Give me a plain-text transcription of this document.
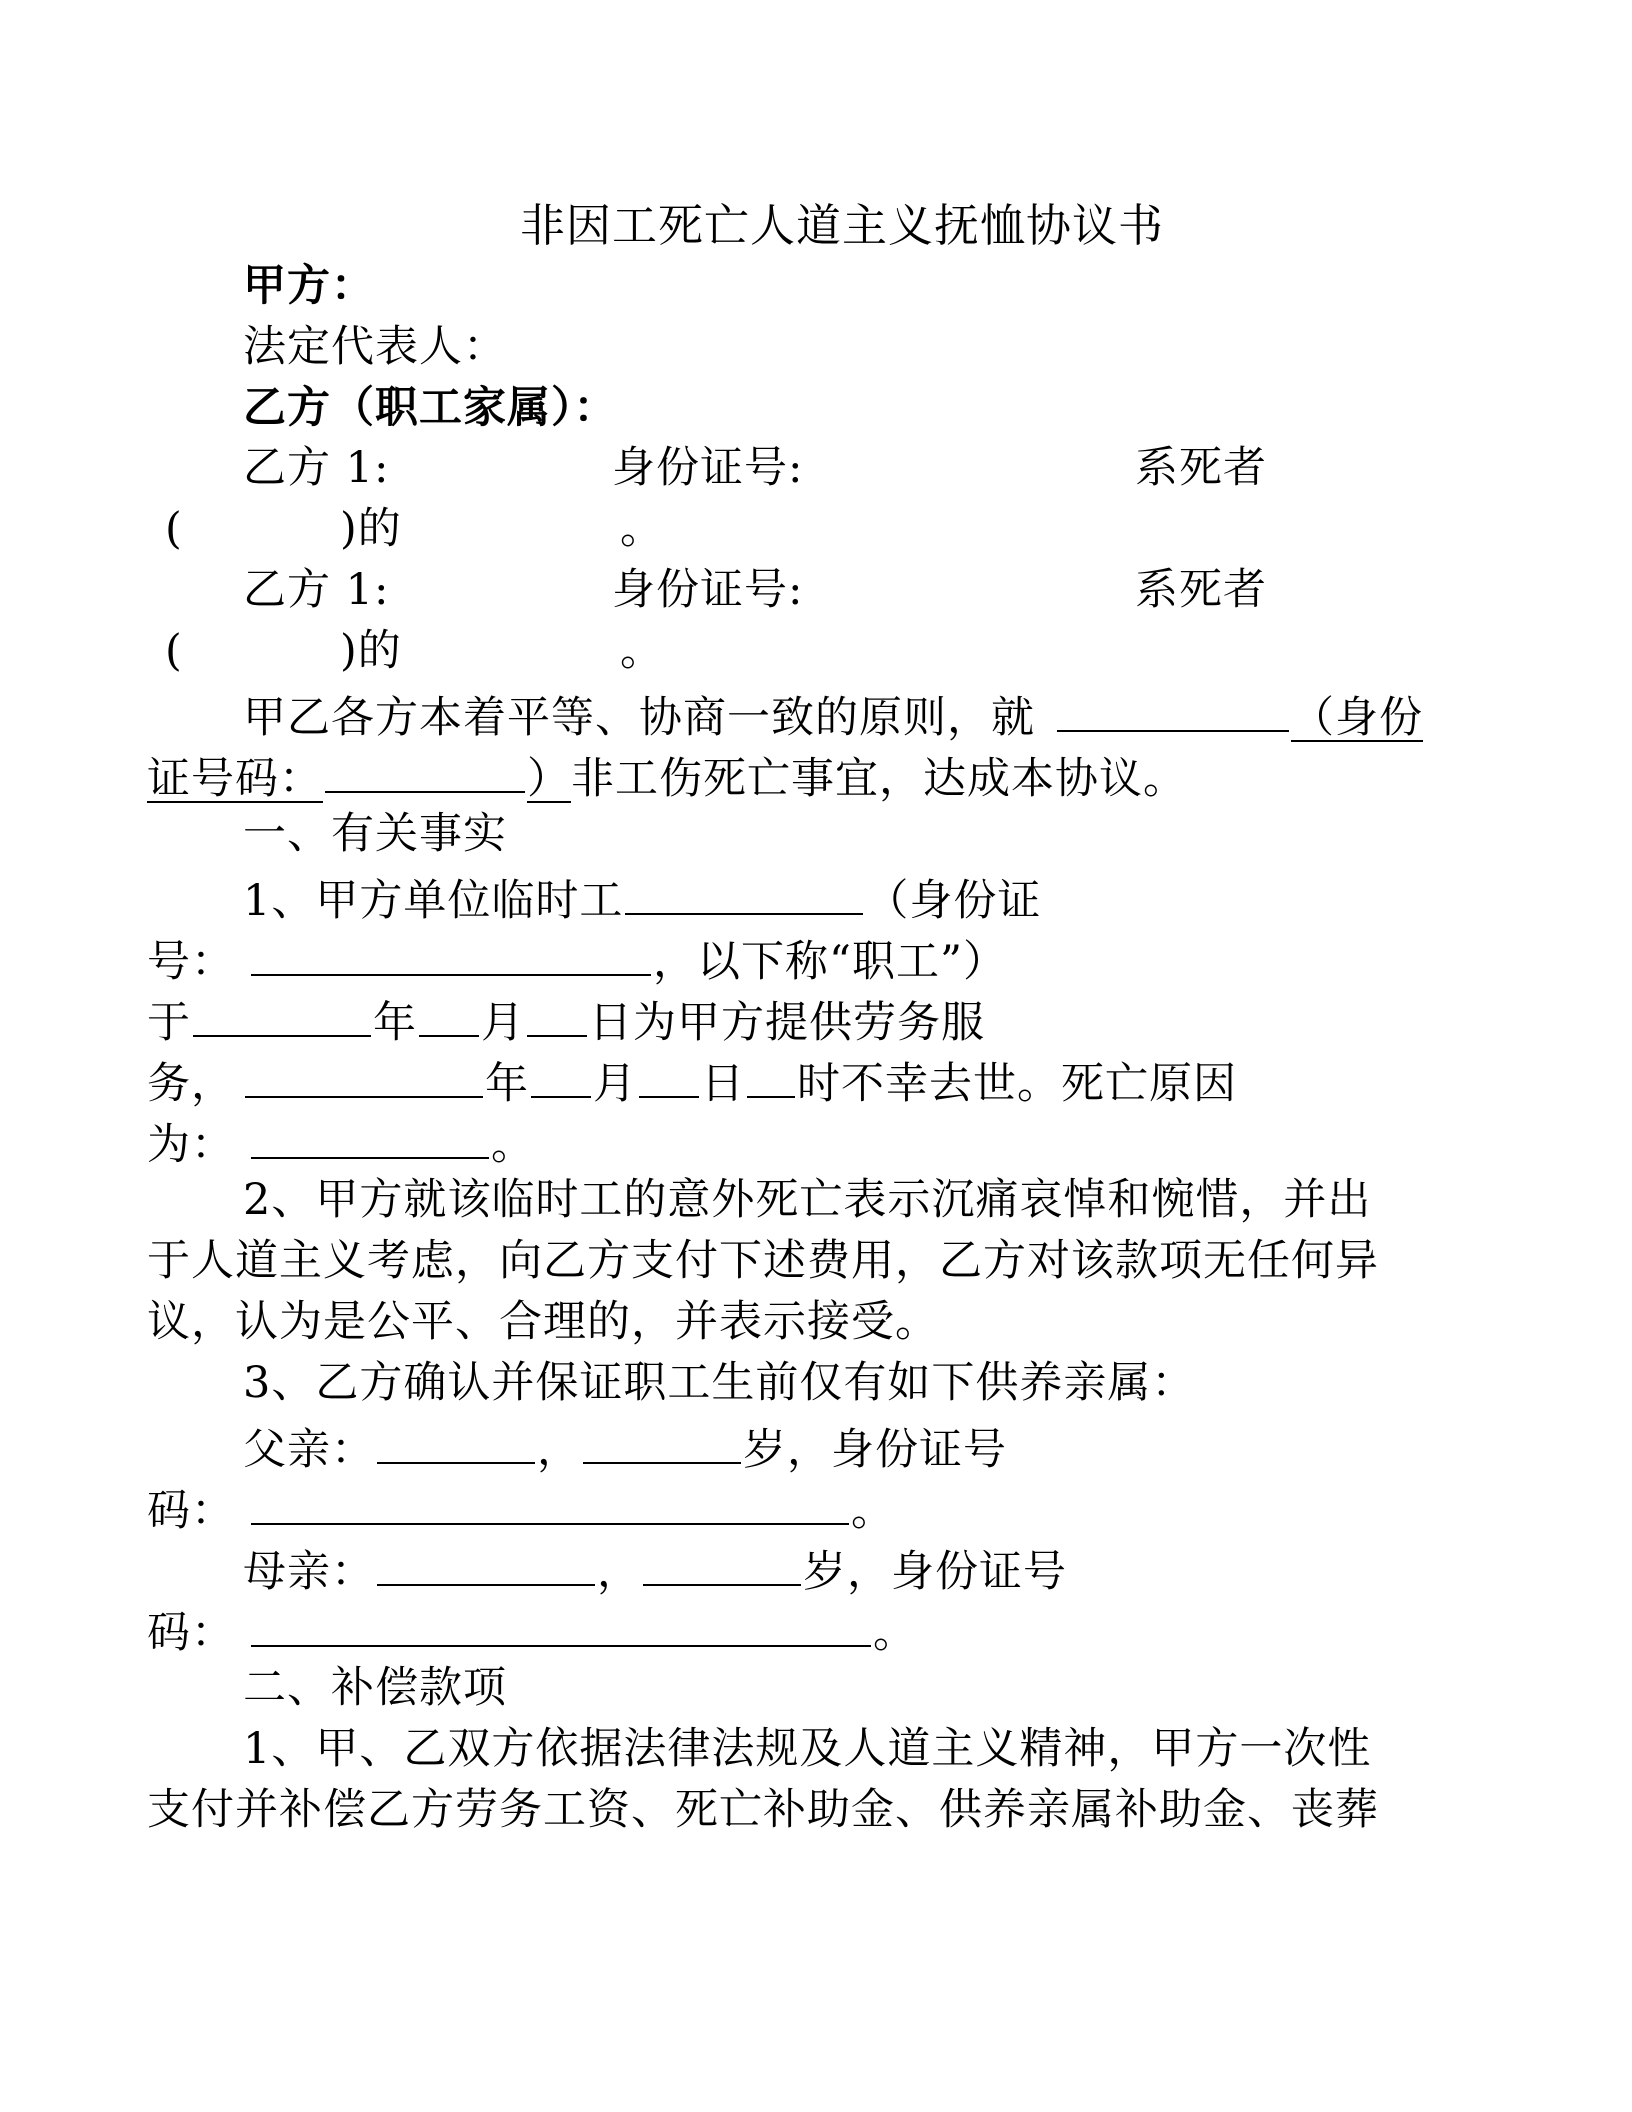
非因工死亡人道主义抚恤协议书
甲方：
法定代表人：
乙方（职工家属）：
乙方 1:	身份证号:	系死者
(	)的	。
乙方 1:	身份证号:	系死者
(	)的	。
甲乙各方本着平等、协商一致的原则，就	（身份
证号码：	）非工伤死亡事宜，达成本协议。
一、有关事实
1、甲方单位临时工	（身份证
号：	，以下称“职工”）
于	年 月 日为甲方提供劳务服
务，	年 月 日 时不幸去世。死亡原因
为：	。
2、甲方就该临时工的意外死亡表示沉痛哀悼和惋惜，并出
于人道主义考虑，向乙方支付下述费用，乙方对该款项无任何异
议，认为是公平、合理的，并表示接受。
3、乙方确认并保证职工生前仅有如下供养亲属：
父亲：	，	岁，身份证号
码：	。
母亲：	，	岁，身份证号
码：	。
二、补偿款项
1、甲、乙双方依据法律法规及人道主义精神，甲方一次性
支付并补偿乙方劳务工资、死亡补助金、供养亲属补助金、丧葬
